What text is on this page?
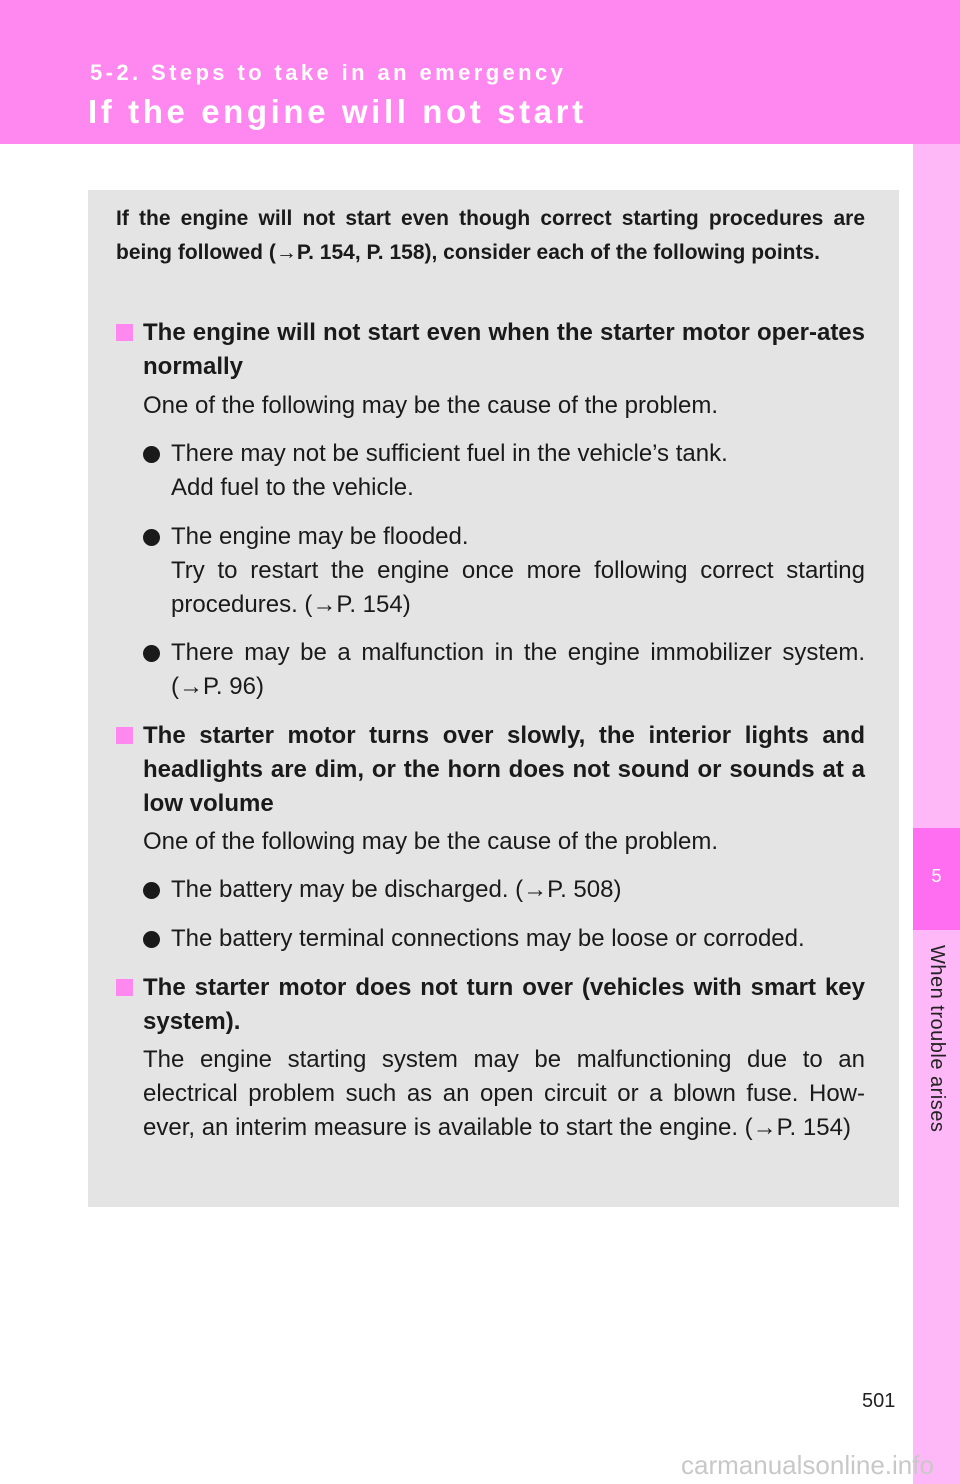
5-2. Steps to take in an emergency
If the engine will not start
5
When trouble arises
If the engine will not start even though correct starting procedures are being followed (→P. 154, P. 158), consider each of the following points.
The engine will not start even when the starter motor oper-ates normally
One of the following may be the cause of the problem.
There may not be sufficient fuel in the vehicle’s tank.
Add fuel to the vehicle.
The engine may be flooded.
Try to restart the engine once more following correct starting procedures. (→P. 154)
There may be a malfunction in the engine immobilizer system. (→P. 96)
The starter motor turns over slowly, the interior lights and headlights are dim, or the horn does not sound or sounds at a low volume
One of the following may be the cause of the problem.
The battery may be discharged. (→P. 508)
The battery terminal connections may be loose or corroded.
The starter motor does not turn over (vehicles with smart key system).
The engine starting system may be malfunctioning due to an electrical problem such as an open circuit or a blown fuse. How-ever, an interim measure is available to start the engine. (→P. 154)
501
carmanualsonline.info
